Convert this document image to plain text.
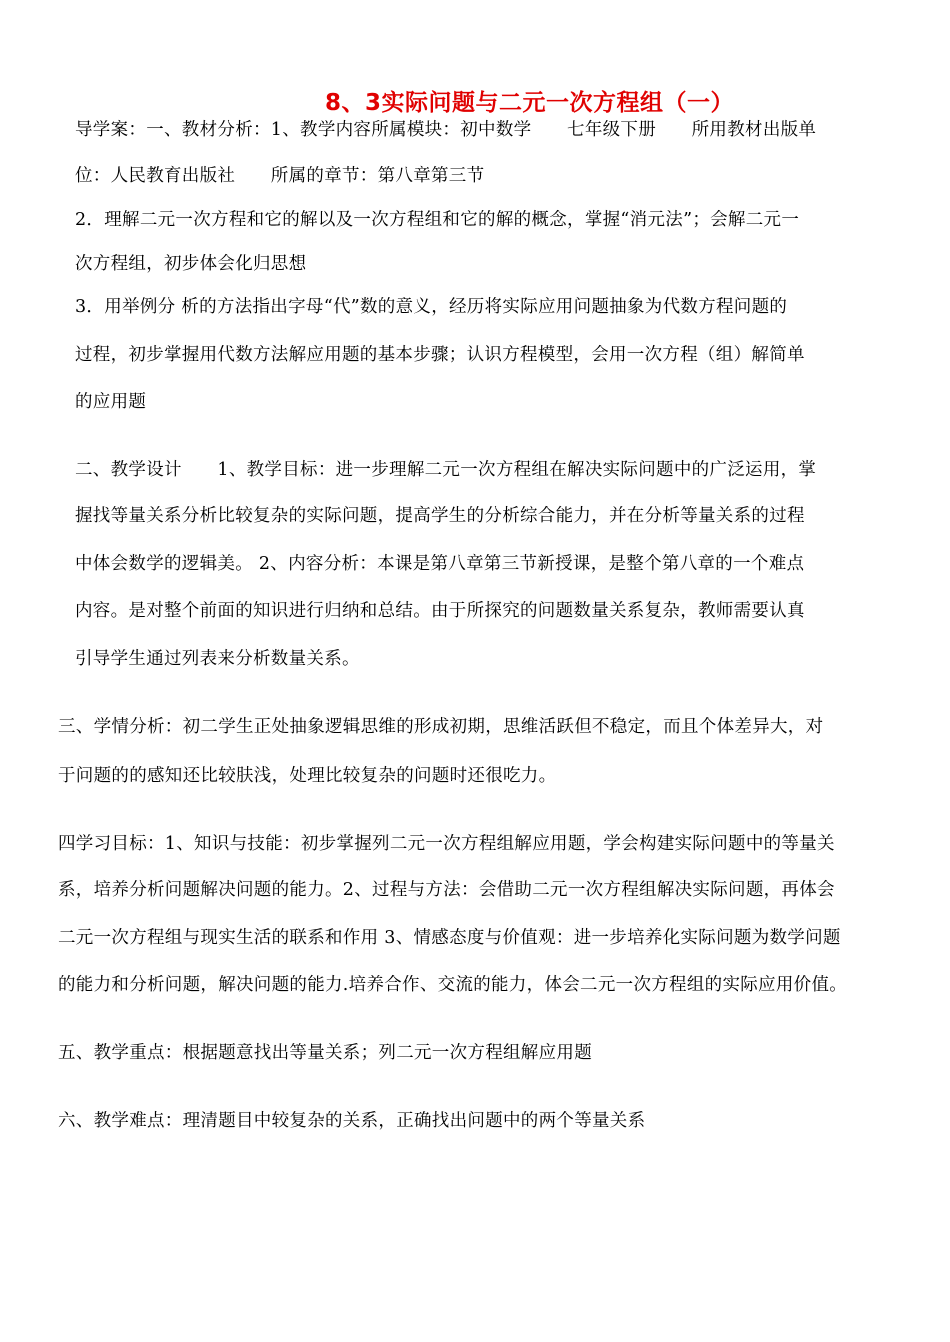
8、3实际问题与二元一次方程组（一）
导学案：一、教材分析：1、教学内容所属模块：初中数学　　七年级下册　　所用教材出版单
位：人民教育出版社　　所属的章节：第八章第三节
2．理解二元一次方程和它的解以及一次方程组和它的解的概念，掌握“消元法”；会解二元一
次方程组，初步体会化归思想
3．用举例分 析的方法指出字母“代”数的意义，经历将实际应用问题抽象为代数方程问题的
过程，初步掌握用代数方法解应用题的基本步骤；认识方程模型，会用一次方程（组）解简单
的应用题
二、教学设计　　1、教学目标：进一步理解二元一次方程组在解决实际问题中的广泛运用，掌
握找等量关系分析比较复杂的实际问题，提高学生的分析综合能力，并在分析等量关系的过程
中体会数学的逻辑美。 2、内容分析：本课是第八章第三节新授课，是整个第八章的一个难点
内容。是对整个前面的知识进行归纳和总结。由于所探究的问题数量关系复杂，教师需要认真
引导学生通过列表来分析数量关系。
三、学情分析：初二学生正处抽象逻辑思维的形成初期，思维活跃但不稳定，而且个体差异大，对
于问题的的感知还比较肤浅，处理比较复杂的问题时还很吃力。
四学习目标：1、知识与技能：初步掌握列二元一次方程组解应用题，学会构建实际问题中的等量关
系，培养分析问题解决问题的能力。2、过程与方法：会借助二元一次方程组解决实际问题，再体会
二元一次方程组与现实生活的联系和作用 3、情感态度与价值观：进一步培养化实际问题为数学问题
的能力和分析问题，解决问题的能力.培养合作、交流的能力，体会二元一次方程组的实际应用价值。
五、教学重点：根据题意找出等量关系；列二元一次方程组解应用题
六、教学难点：理清题目中较复杂的关系，正确找出问题中的两个等量关系
